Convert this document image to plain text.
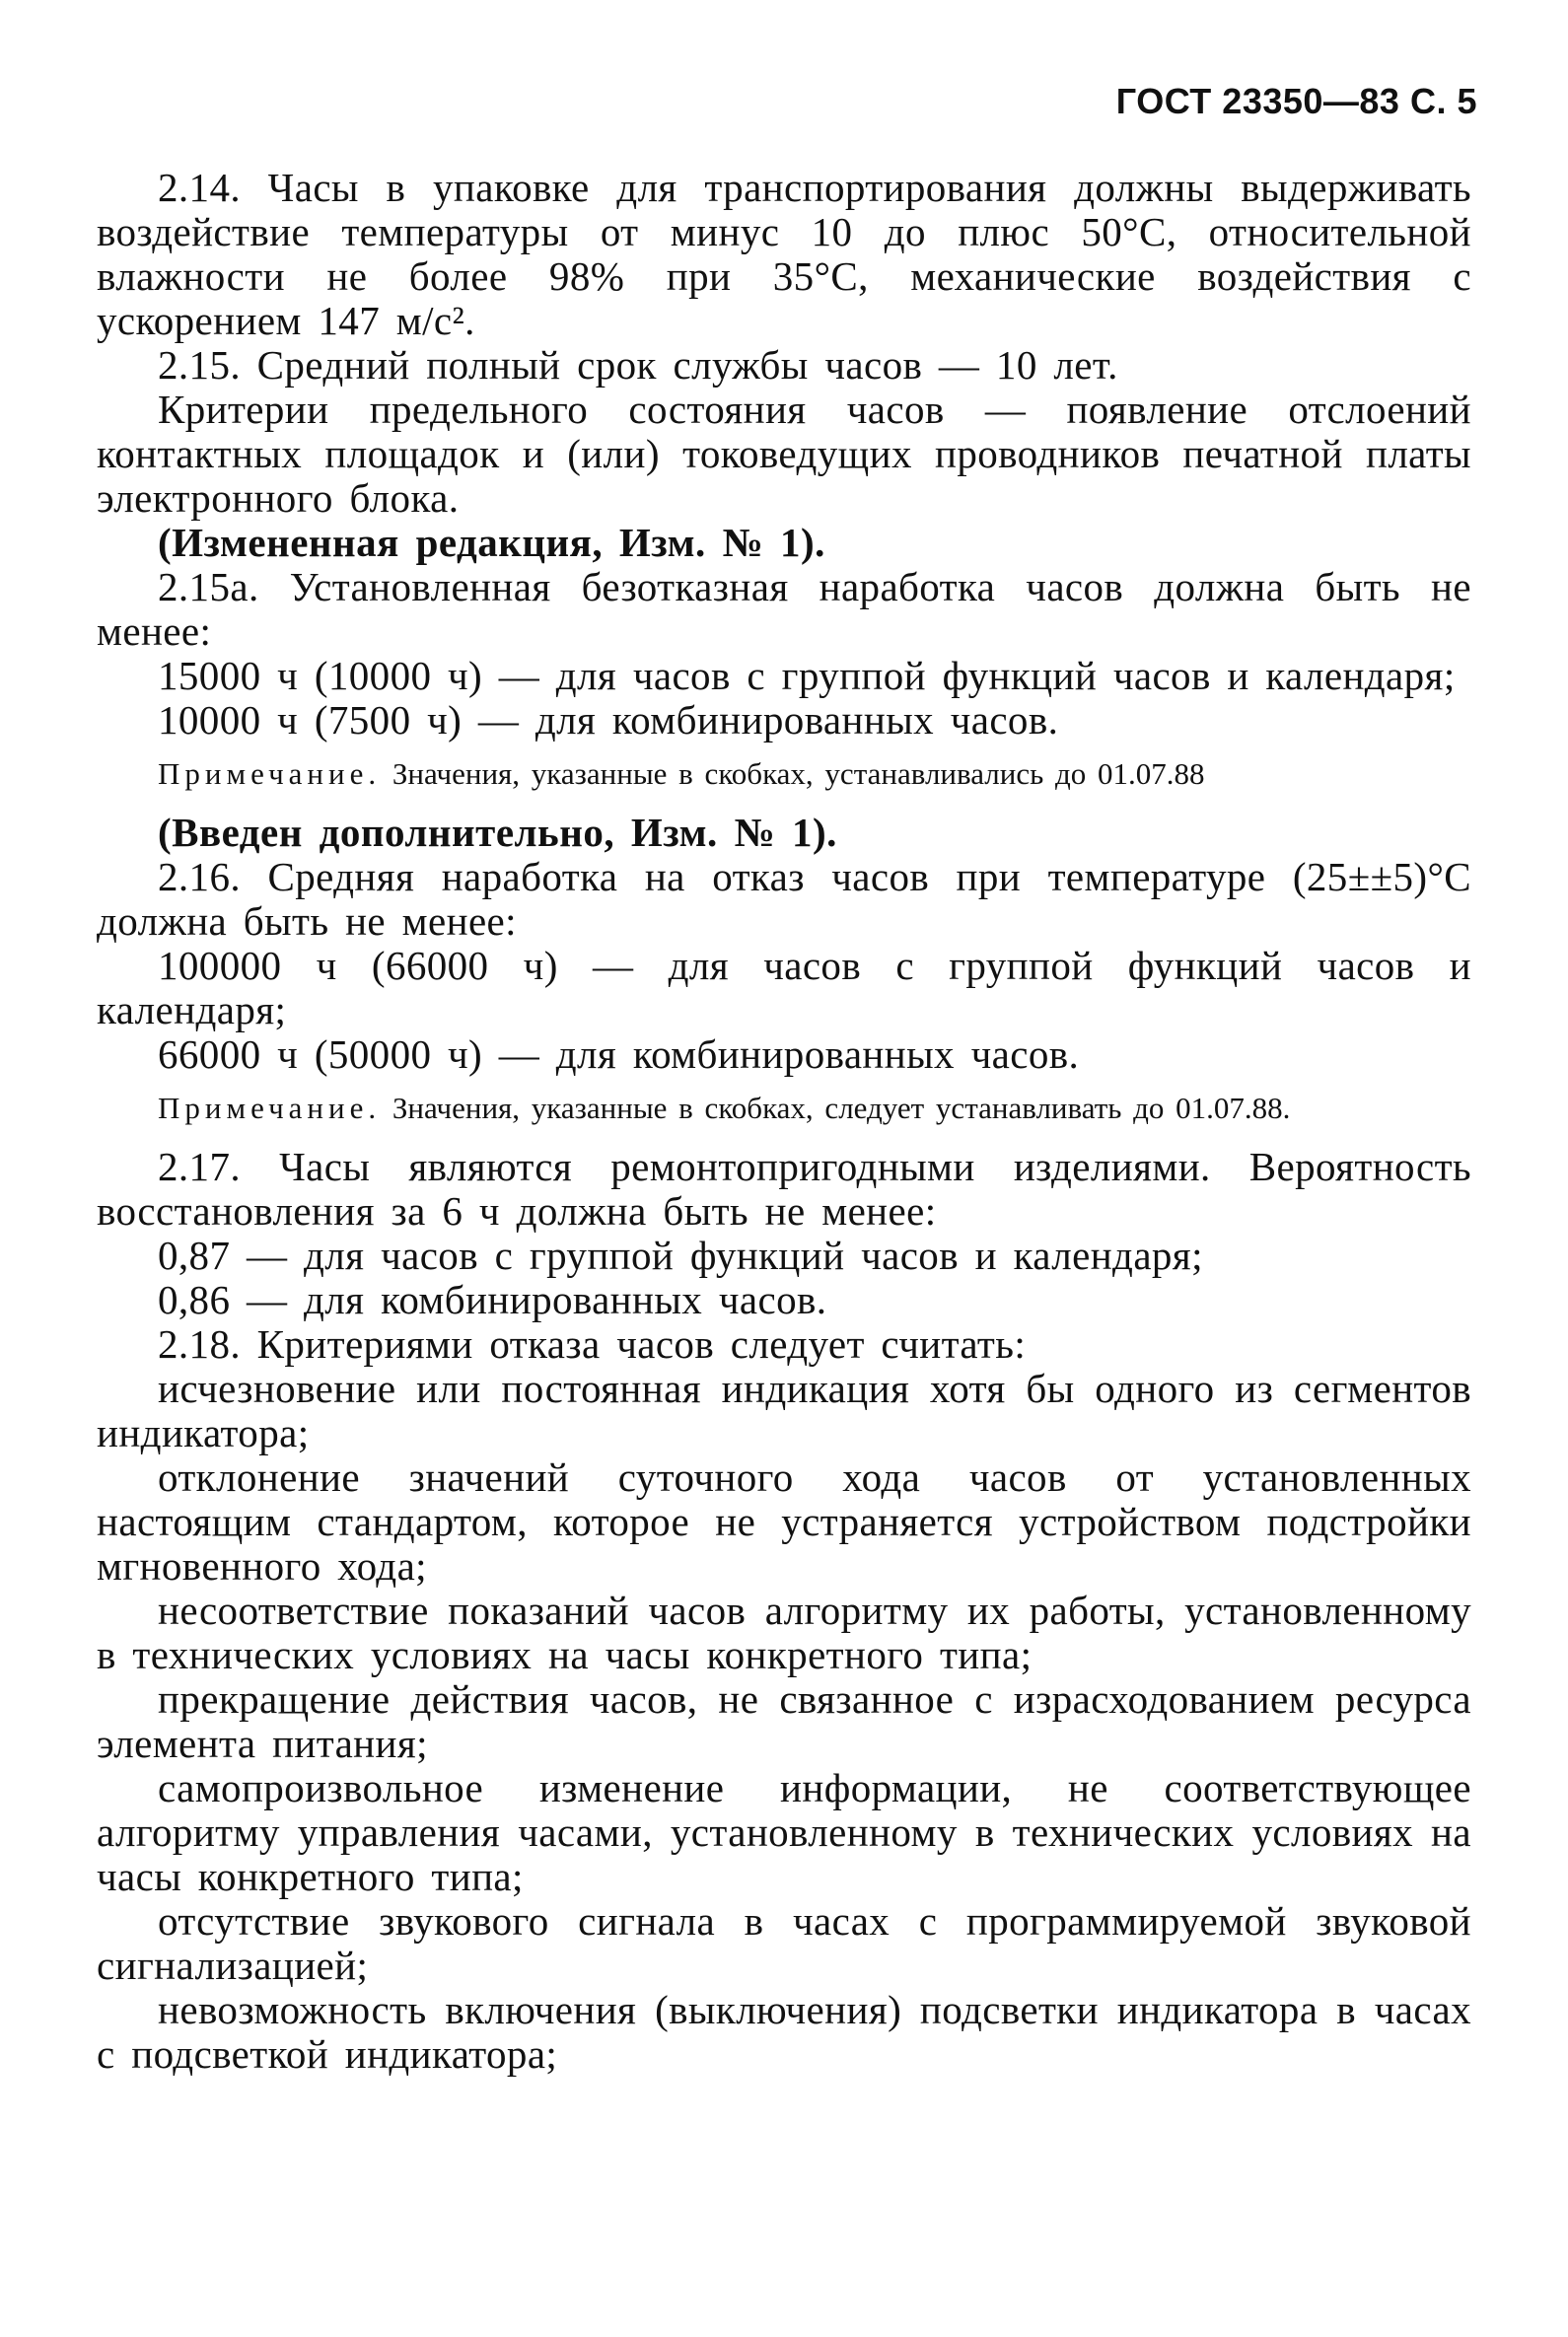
ГОСТ 23350—83 С. 5

2.14. Часы в упаковке для транспортирования должны выдерживать воздействие температуры от минус 10 до плюс 50°С, относительной влажности не более 98% при 35°С, механические воздействия с ускорением 147 м/с².

2.15. Средний полный срок службы часов — 10 лет.

Критерии предельного состояния часов — появление отслоений контактных площадок и (или) токоведущих проводников печатной платы электронного блока.

(Измененная редакция, Изм. № 1).

2.15а. Установленная безотказная наработка часов должна быть не менее:

15000 ч (10000 ч) — для часов с группой функций часов и календаря;

10000 ч (7500 ч) — для комбинированных часов.

Примечание. Значения, указанные в скобках, устанавливались до 01.07.88

(Введен дополнительно, Изм. № 1).

2.16. Средняя наработка на отказ часов при температуре (25±±5)°С должна быть не менее:

100000 ч (66000 ч) — для часов с группой функций часов и календаря;

66000 ч (50000 ч) — для комбинированных часов.

Примечание. Значения, указанные в скобках, следует устанавливать до 01.07.88.

2.17. Часы являются ремонтопригодными изделиями. Вероятность восстановления за 6 ч должна быть не менее:

0,87 — для часов с группой функций часов и календаря;

0,86 — для комбинированных часов.

2.18. Критериями отказа часов следует считать:

исчезновение или постоянная индикация хотя бы одного из сегментов индикатора;

отклонение значений суточного хода часов от установленных настоящим стандартом, которое не устраняется устройством подстройки мгновенного хода;

несоответствие показаний часов алгоритму их работы, установленному в технических условиях на часы конкретного типа;

прекращение действия часов, не связанное с израсходованием ресурса элемента питания;

самопроизвольное изменение информации, не соответствующее алгоритму управления часами, установленному в технических условиях на часы конкретного типа;

отсутствие звукового сигнала в часах с программируемой звуковой сигнализацией;

невозможность включения (выключения) подсветки индикатора в часах с подсветкой индикатора;
